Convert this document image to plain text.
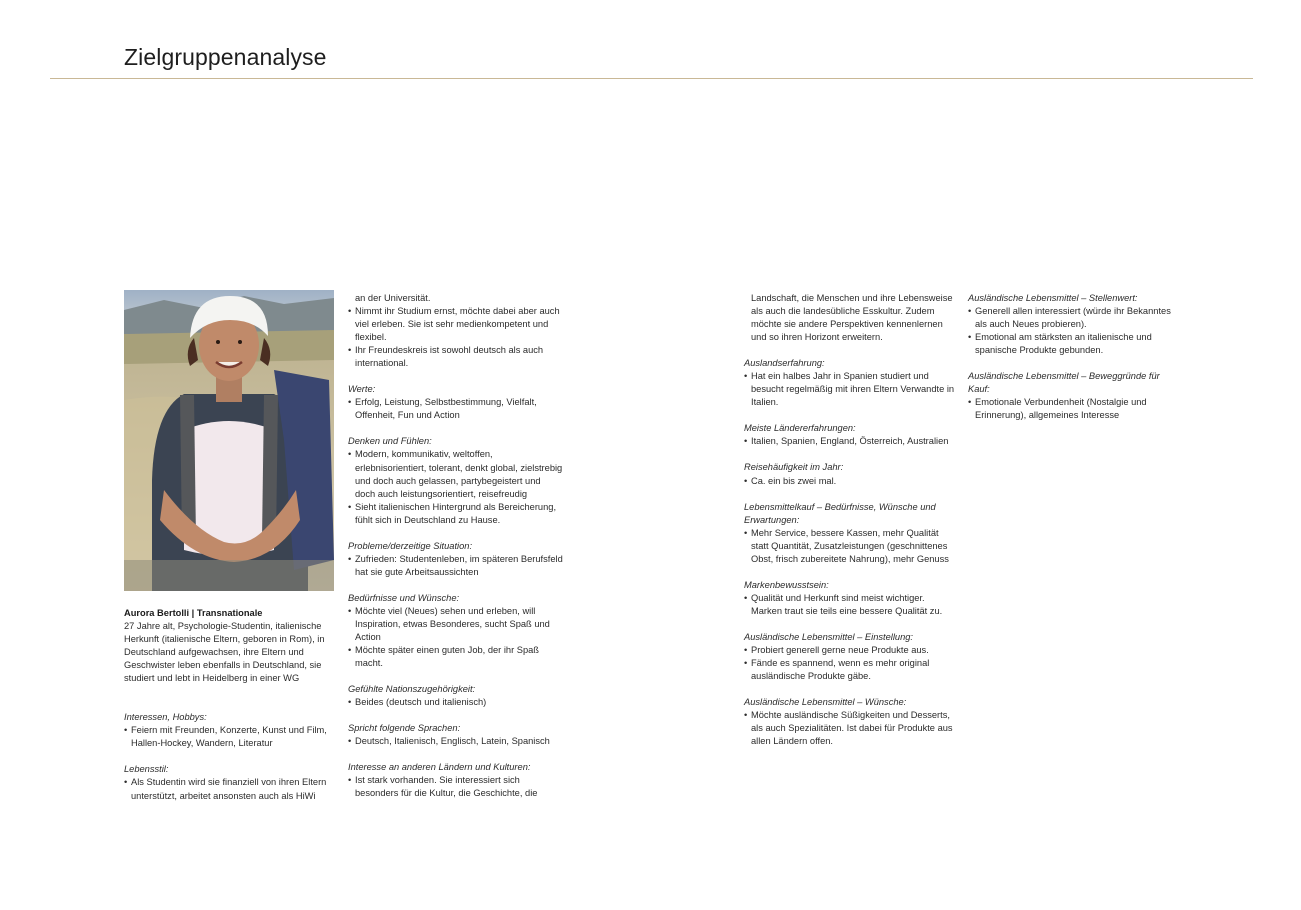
Zielgruppenanalyse

Aurora Bertolli | Transnationale

27 Jahre alt, Psychologie-Studentin, italienische Herkunft (italienische Eltern, geboren in Rom), in Deutschland aufgewachsen, ihre Eltern und Geschwister leben ebenfalls in Deutschland, sie studiert und lebt in Heidelberg in einer WG

Interessen, Hobbys:

• Feiern mit Freunden, Konzerte, Kunst und Film, Hallen-Hockey, Wandern, Literatur

Lebensstil:

• Als Studentin wird sie finanziell von ihren Eltern unterstützt, arbeitet ansonsten auch als HiWi

an der Universität.

• Nimmt ihr Studium ernst, möchte dabei aber auch viel erleben. Sie ist sehr medienkompetent und flexibel.
• Ihr Freundeskreis ist sowohl deutsch als auch international.

Werte:

• Erfolg, Leistung, Selbstbestimmung, Vielfalt, Offenheit, Fun und Action

Denken und Fühlen:

• Modern, kommunikativ, weltoffen, erlebnisorientiert, tolerant, denkt global, zielstrebig und doch auch gelassen, partybegeistert und doch auch leistungsorientiert, reisefreudig
• Sieht italienischen Hintergrund als Bereicherung, fühlt sich in Deutschland zu Hause.

Probleme/derzeitige Situation:

• Zufrieden: Studentenleben, im späteren Berufsfeld hat sie gute Arbeitsaussichten

Bedürfnisse und Wünsche:

• Möchte viel (Neues) sehen und erleben, will Inspiration, etwas Besonderes, sucht Spaß und Action
• Möchte später einen guten Job, der ihr Spaß macht.

Gefühlte Nationszugehörigkeit:

• Beides (deutsch und italienisch)

Spricht folgende Sprachen:

• Deutsch, Italienisch, Englisch, Latein, Spanisch

Interesse an anderen Ländern und Kulturen:

• Ist stark vorhanden. Sie interessiert sich besonders für die Kultur, die Geschichte, die

Landschaft, die Menschen und ihre Lebensweise als auch die landesübliche Esskultur. Zudem möchte sie andere Perspektiven kennenlernen und so ihren Horizont erweitern.

Auslandserfahrung:

• Hat ein halbes Jahr in Spanien studiert und besucht regelmäßig mit ihren Eltern Verwandte in Italien.

Meiste Ländererfahrungen:

• Italien, Spanien, England, Österreich, Australien

Reisehäufigkeit im Jahr:

• Ca. ein bis zwei mal.

Lebensmittelkauf – Bedürfnisse, Wünsche und Erwartungen:

• Mehr Service, bessere Kassen, mehr Qualität statt Quantität, Zusatzleistungen (geschnittenes Obst, frisch zubereitete Nahrung), mehr Genuss

Markenbewusstsein:

• Qualität und Herkunft sind meist wichtiger. Marken traut sie teils eine bessere Qualität zu.

Ausländische Lebensmittel – Einstellung:

• Probiert generell gerne neue Produkte aus.
• Fände es spannend, wenn es mehr original ausländische Produkte gäbe.

Ausländische Lebensmittel – Wünsche:

• Möchte ausländische Süßigkeiten und Desserts, als auch Spezialitäten. Ist dabei für Produkte aus allen Ländern offen.

Ausländische Lebensmittel – Stellenwert:

• Generell allen interessiert (würde ihr Bekanntes als auch Neues probieren).
• Emotional am stärksten an italienische und spanische Produkte gebunden.

Ausländische Lebensmittel – Beweggründe für Kauf:

• Emotionale Verbundenheit (Nostalgie und Erinnerung), allgemeines Interesse
